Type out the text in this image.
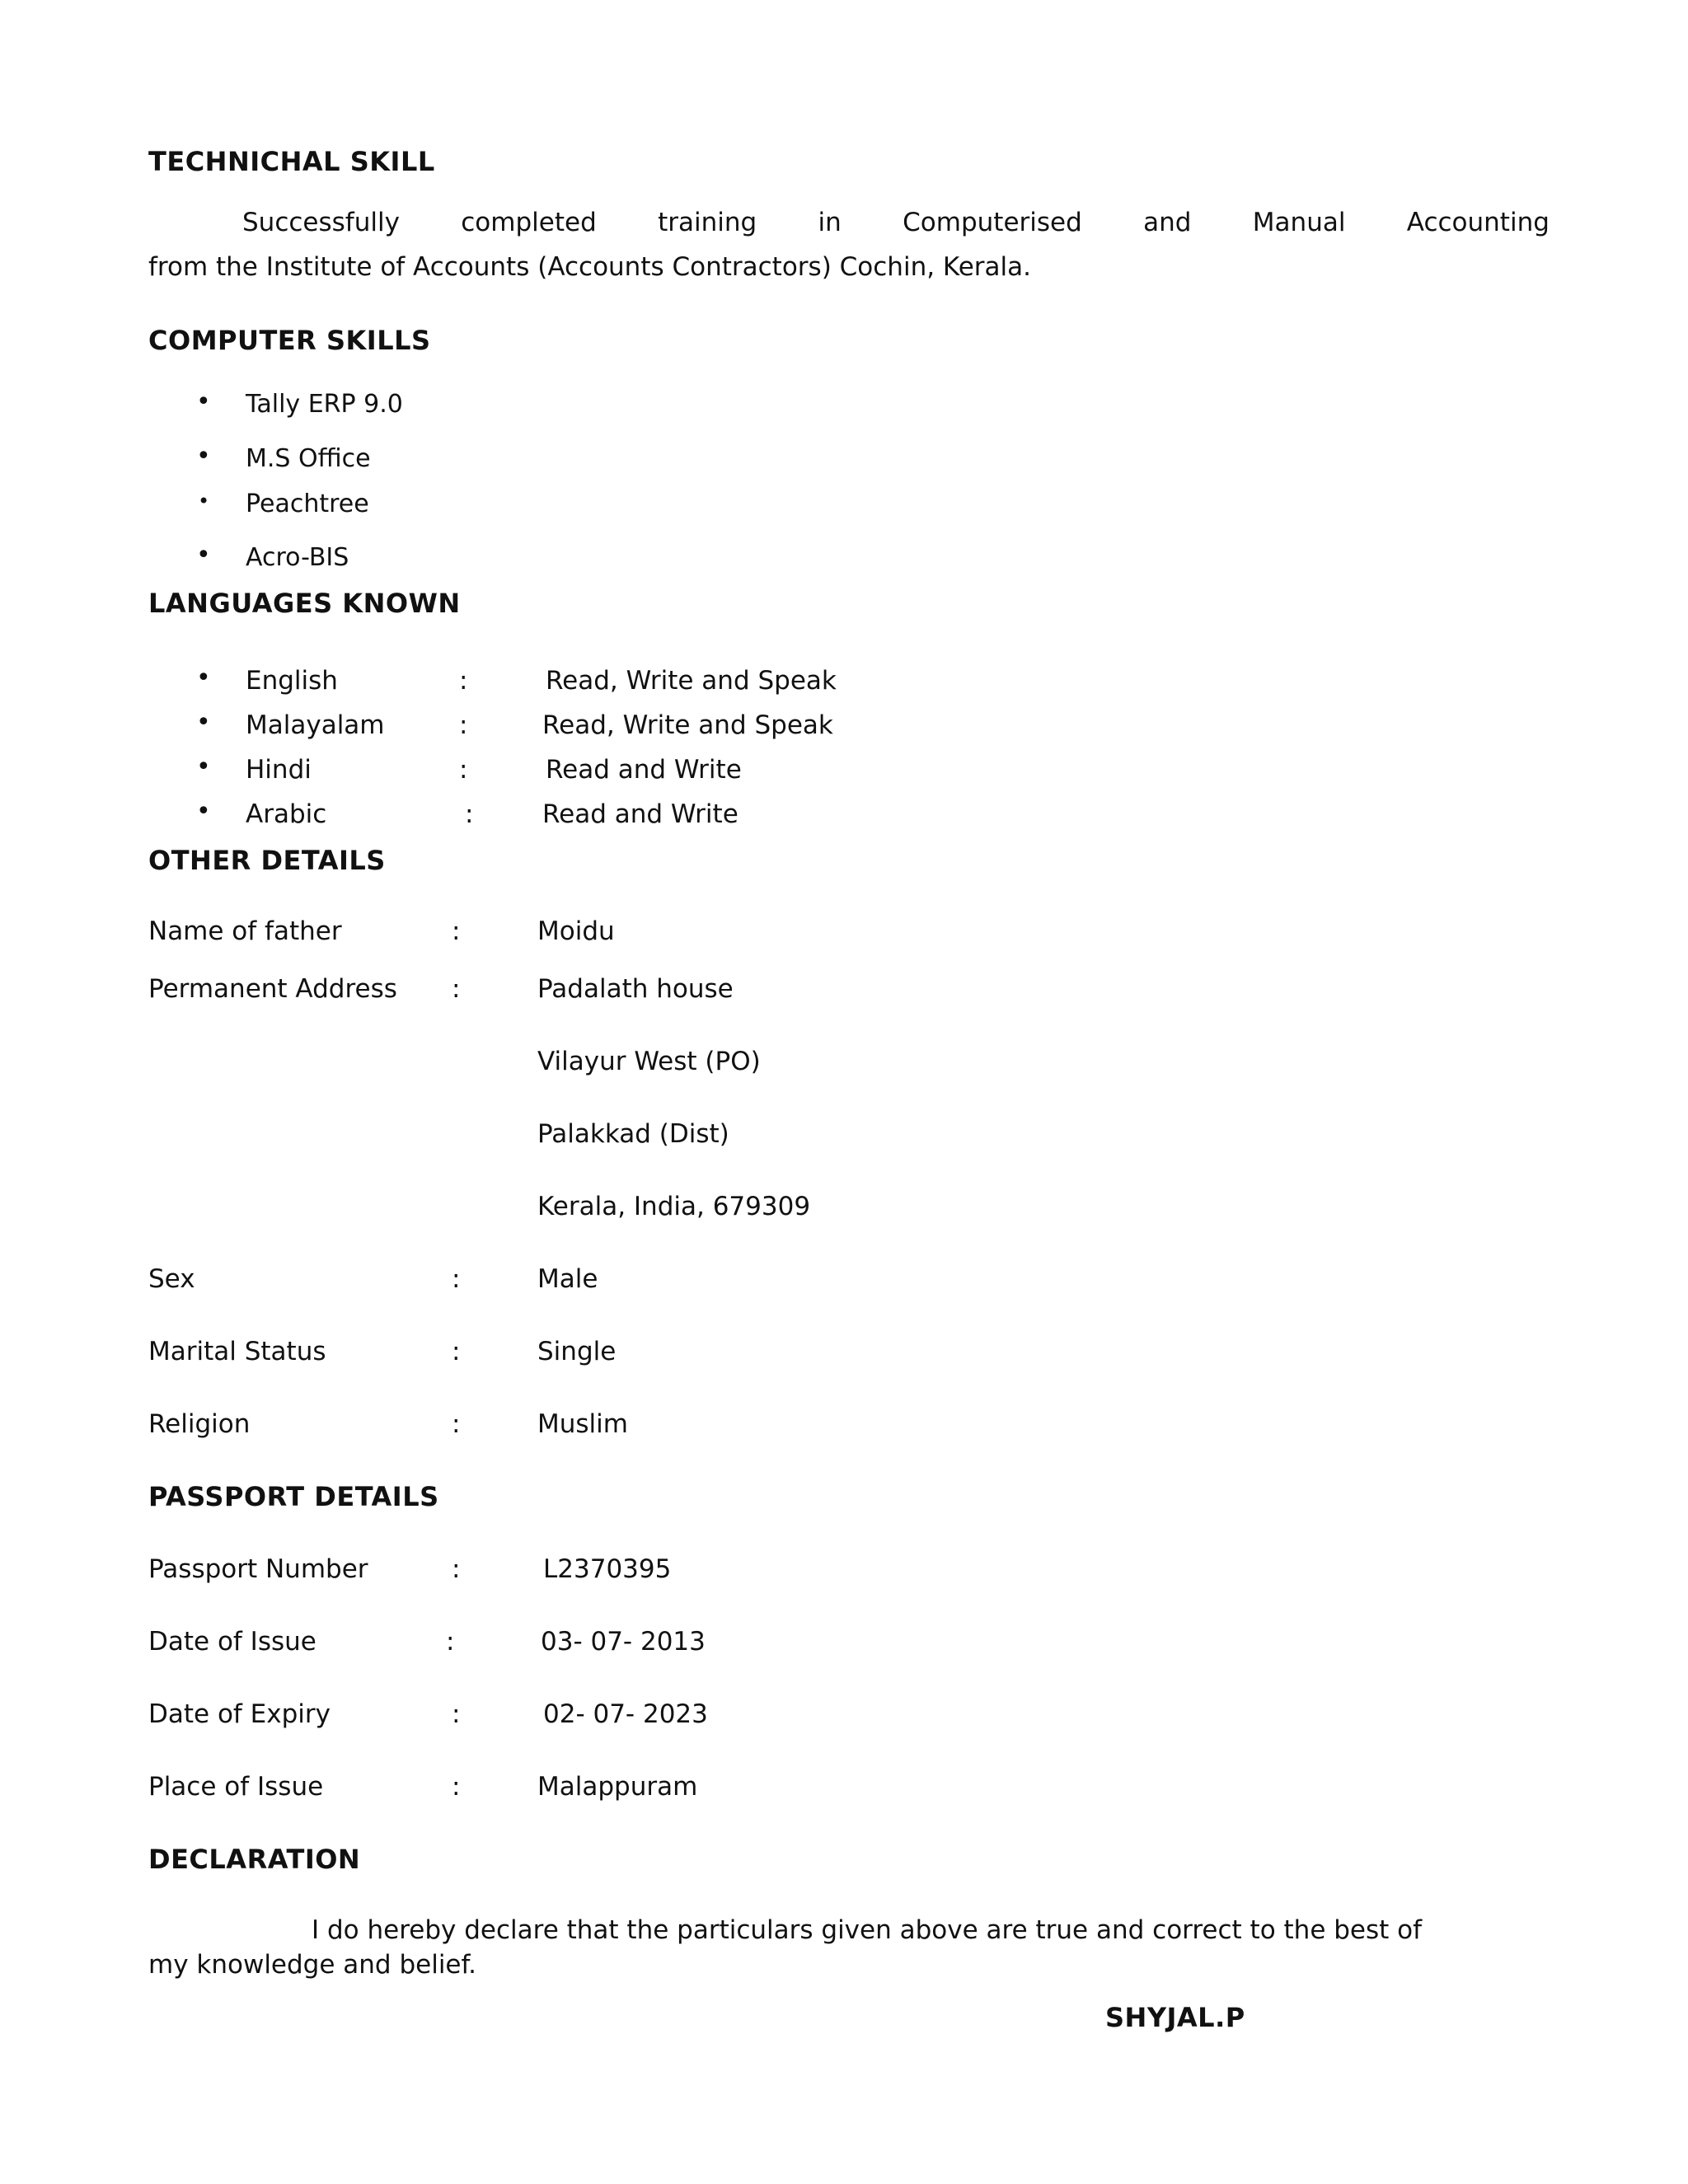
TECHNICHAL SKILL
Successfully completed training in Computerised and Manual Accounting
from the Institute of Accounts (Accounts Contractors) Cochin, Kerala.
COMPUTER SKILLS
• Tally ERP 9.0
• M.S Office
• Peachtree
• Acro-BIS
LANGUAGES KNOWN
• English	:	Read, Write and Speak
• Malayalam	:	Read, Write and Speak
• Hindi	:	Read and Write
• Arabic	:	Read and Write
OTHER DETAILS
Name of father	:	Moidu
Permanent Address :	Padalath house
Vilayur West (PO)
Palakkad (Dist)
Kerala, India, 679309
Sex	:	Male
Marital Status	:	Single
Religion	:	Muslim
PASSPORT DETAILS
Passport Number	:	L2370395
Date of Issue	:	03- 07- 2013
Date of Expiry	:	02- 07- 2023
Place of Issue	:	Malappuram
DECLARATION
I do hereby declare that the particulars given above are true and correct to the best of
my knowledge and belief.
SHYJAL.P
